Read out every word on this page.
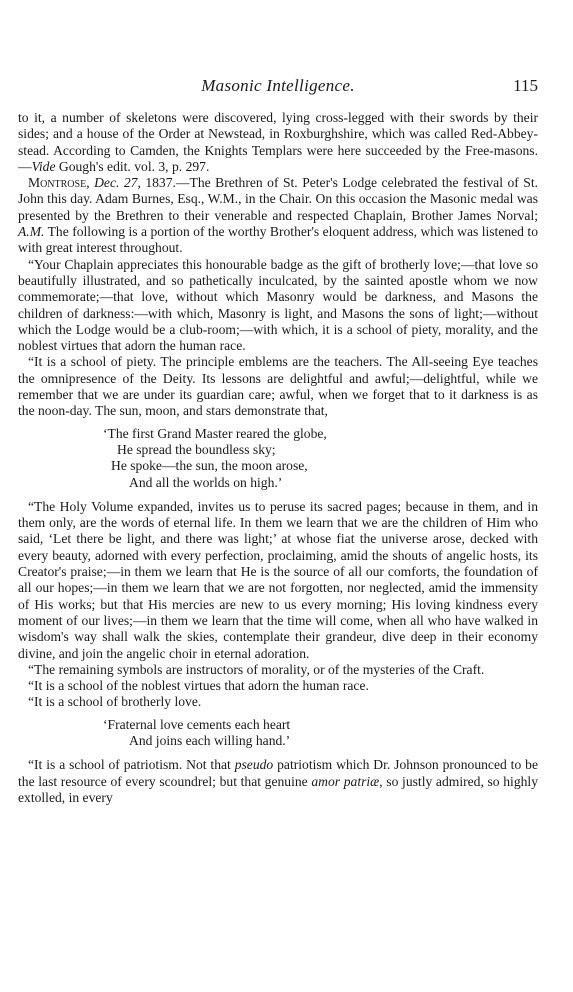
Masonic Intelligence.	115

to it, a number of skeletons were discovered, lying cross-legged with their swords by their sides; and a house of the Order at Newstead, in Roxburghshire, which was called Red-Abbey-stead. According to Camden, the Knights Templars were here succeeded by the Free-masons.—Vide Gough's edit. vol. 3, p. 297.

Montrose, Dec. 27, 1837.—The Brethren of St. Peter's Lodge celebrated the festival of St. John this day. Adam Burnes, Esq., W.M., in the Chair. On this occasion the Masonic medal was presented by the Brethren to their venerable and respected Chaplain, Brother James Norval; A.M. The following is a portion of the worthy Brother's eloquent address, which was listened to with great interest throughout.

“Your Chaplain appreciates this honourable badge as the gift of brotherly love;—that love so beautifully illustrated, and so pathetically inculcated, by the sainted apostle whom we now commemorate;—that love, without which Masonry would be darkness, and Masons the children of darkness:—with which, Masonry is light, and Masons the sons of light;—without which the Lodge would be a club-room;—with which, it is a school of piety, morality, and the noblest virtues that adorn the human race.

“It is a school of piety. The principle emblems are the teachers. The All-seeing Eye teaches the omnipresence of the Deity. Its lessons are delightful and awful;—delightful, while we remember that we are under its guardian care; awful, when we forget that to it darkness is as the noon-day. The sun, moon, and stars demonstrate that,

‘The first Grand Master reared the globe,
He spread the boundless sky;
He spoke—the sun, the moon arose,
And all the worlds on high.’

“The Holy Volume expanded, invites us to peruse its sacred pages; because in them, and in them only, are the words of eternal life. In them we learn that we are the children of Him who said, ‘Let there be light, and there was light;’ at whose fiat the universe arose, decked with every beauty, adorned with every perfection, proclaiming, amid the shouts of angelic hosts, its Creator's praise;—in them we learn that He is the source of all our comforts, the foundation of all our hopes;—in them we learn that we are not forgotten, nor neglected, amid the immensity of His works; but that His mercies are new to us every morning; His loving kindness every moment of our lives;—in them we learn that the time will come, when all who have walked in wisdom's way shall walk the skies, contemplate their grandeur, dive deep in their economy divine, and join the angelic choir in eternal adoration.

“The remaining symbols are instructors of morality, or of the mysteries of the Craft.

“It is a school of the noblest virtues that adorn the human race.

“It is a school of brotherly love.

‘Fraternal love cements each heart
And joins each willing hand.’

“It is a school of patriotism. Not that pseudo patriotism which Dr. Johnson pronounced to be the last resource of every scoundrel; but that genuine amor patriæ, so justly admired, so highly extolled, in every
